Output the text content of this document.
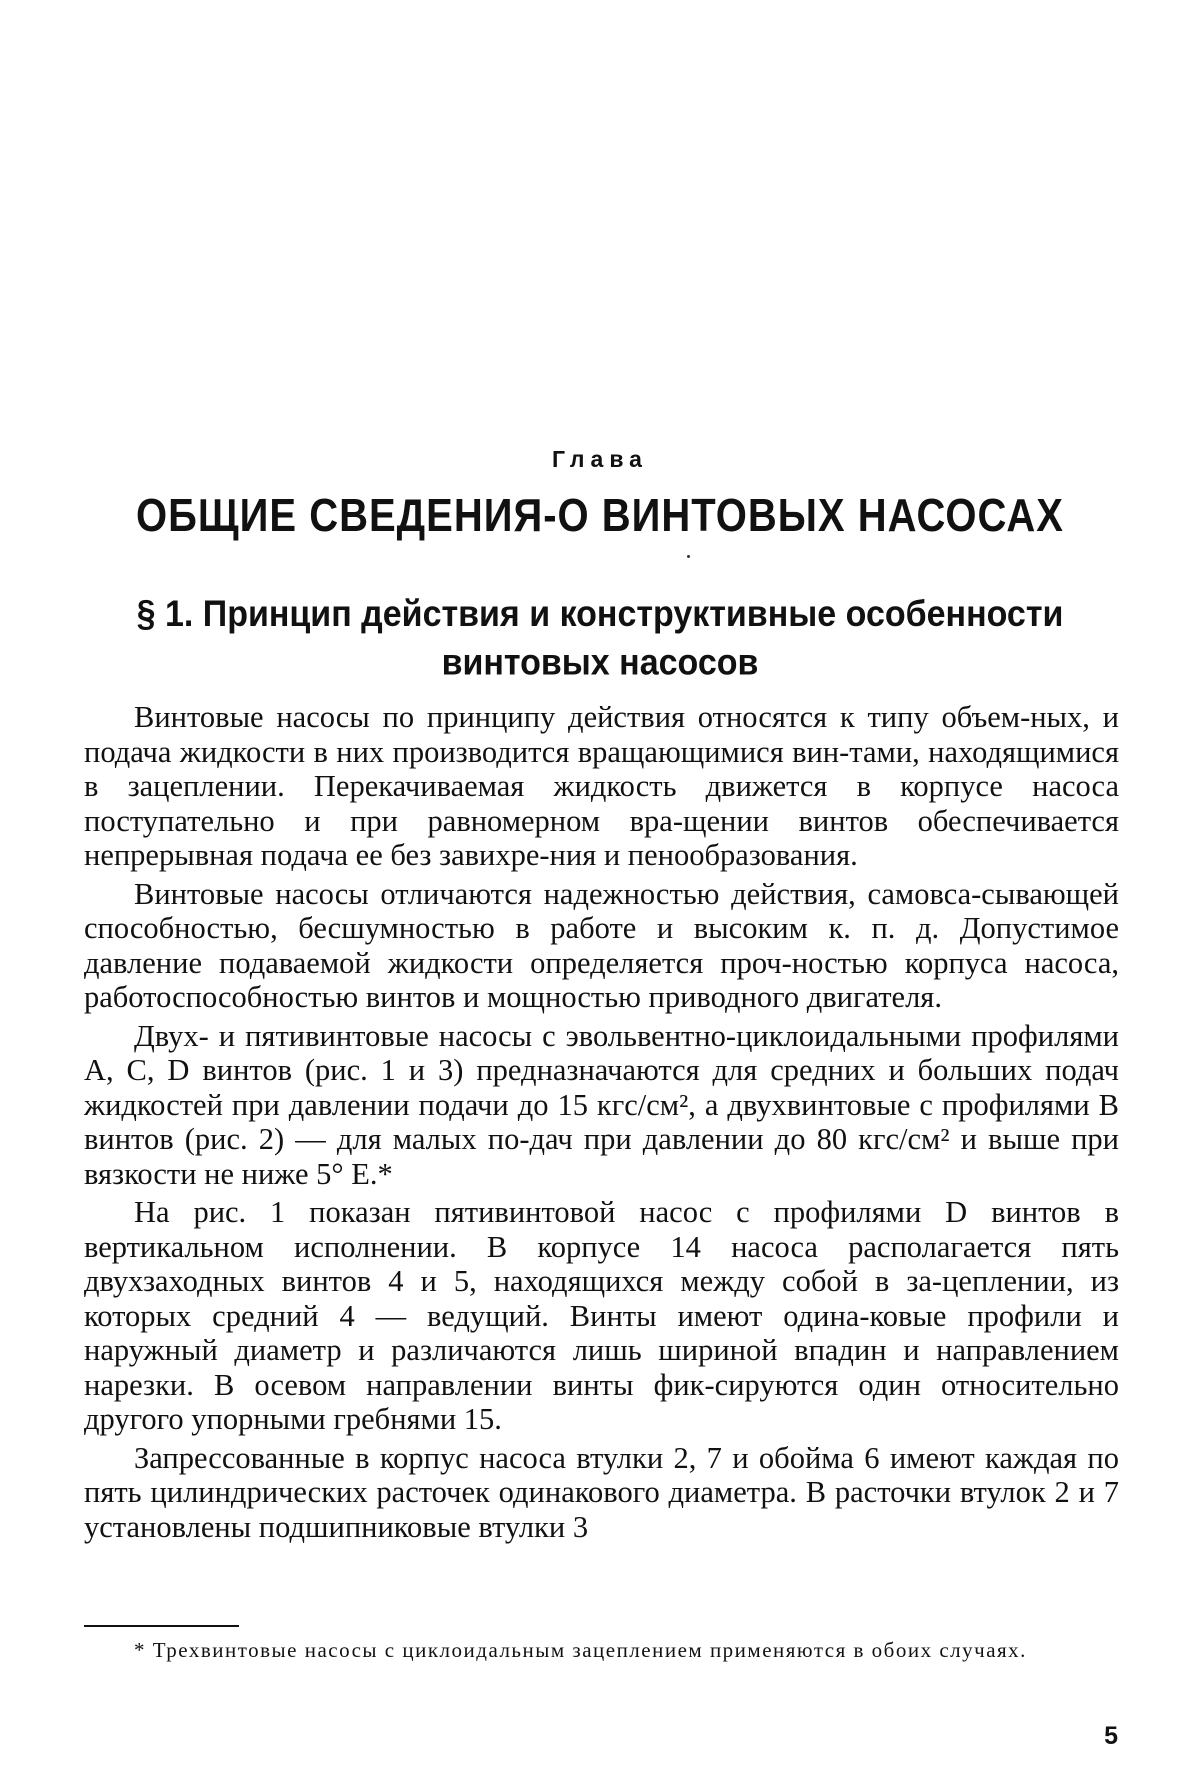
Глава
ОБЩИЕ СВЕДЕНИЯ-О ВИНТОВЫХ НАСОСАХ
§ 1. Принцип действия и конструктивные особенности винтовых насосов

Винтовые насосы по принципу действия относятся к типу объем-ных, и подача жидкости в них производится вращающимися вин-тами, находящимися в зацеплении. Перекачиваемая жидкость движется в корпусе насоса поступательно и при равномерном вра-щении винтов обеспечивается непрерывная подача ее без завихре-ния и пенообразования.

Винтовые насосы отличаются надежностью действия, самовса-сывающей способностью, бесшумностью в работе и высоким к. п. д. Допустимое давление подаваемой жидкости определяется проч-ностью корпуса насоса, работоспособностью винтов и мощностью приводного двигателя.

Двух- и пятивинтовые насосы с эвольвентно-циклоидальными профилями А, С, D винтов (рис. 1 и 3) предназначаются для средних и больших подач жидкостей при давлении подачи до 15 кгс/см², а двухвинтовые с профилями В винтов (рис. 2) — для малых по-дач при давлении до 80 кгс/см² и выше при вязкости не ниже 5° Е.*

На рис. 1 показан пятивинтовой насос с профилями D винтов в вертикальном исполнении. В корпусе 14 насоса располагается пять двухзаходных винтов 4 и 5, находящихся между собой в за-цеплении, из которых средний 4 — ведущий. Винты имеют одина-ковые профили и наружный диаметр и различаются лишь шириной впадин и направлением нарезки. В осевом направлении винты фик-сируются один относительно другого упорными гребнями 15.

Запрессованные в корпус насоса втулки 2, 7 и обойма 6 имеют каждая по пять цилиндрических расточек одинакового диаметра. В расточки втулок 2 и 7 установлены подшипниковые втулки 3

* Трехвинтовые насосы с циклоидальным зацеплением применяются в обоих случаях.
5
